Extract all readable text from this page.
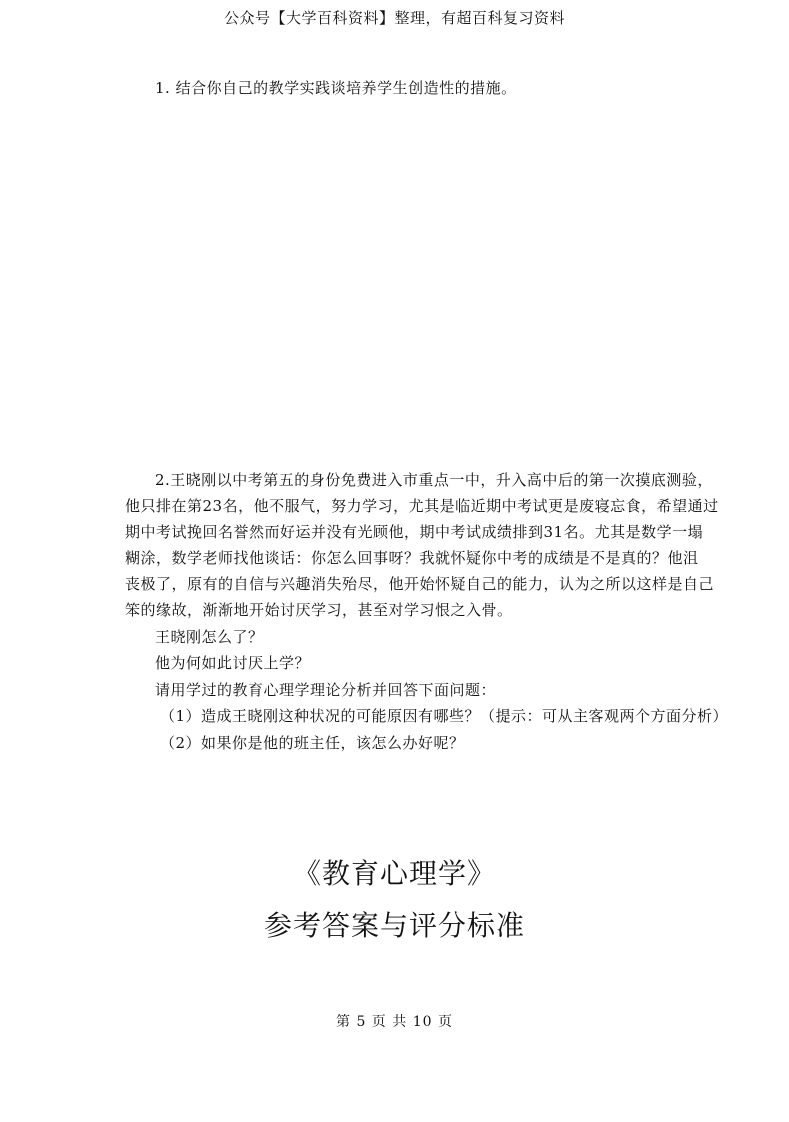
公众号【大学百科资料】整理，有超百科复习资料
1. 结合你自己的教学实践谈培养学生创造性的措施。
2.王晓刚以中考第五的身份免费进入市重点一中，升入高中后的第一次摸底测验，
他只排在第23名，他不服气，努力学习，尤其是临近期中考试更是废寝忘食，希望通过
期中考试挽回名誉然而好运并没有光顾他，期中考试成绩排到31名。尤其是数学一塌
糊涂，数学老师找他谈话：你怎么回事呀？我就怀疑你中考的成绩是不是真的？他沮
丧极了，原有的自信与兴趣消失殆尽，他开始怀疑自己的能力，认为之所以这样是自己
笨的缘故，渐渐地开始讨厌学习，甚至对学习恨之入骨。
王晓刚怎么了？
他为何如此讨厌上学？
请用学过的教育心理学理论分析并回答下面问题：
（1）造成王晓刚这种状况的可能原因有哪些？（提示：可从主客观两个方面分析）
（2）如果你是他的班主任，该怎么办好呢？
《教育心理学》
参考答案与评分标准
第 5 页 共 10 页
